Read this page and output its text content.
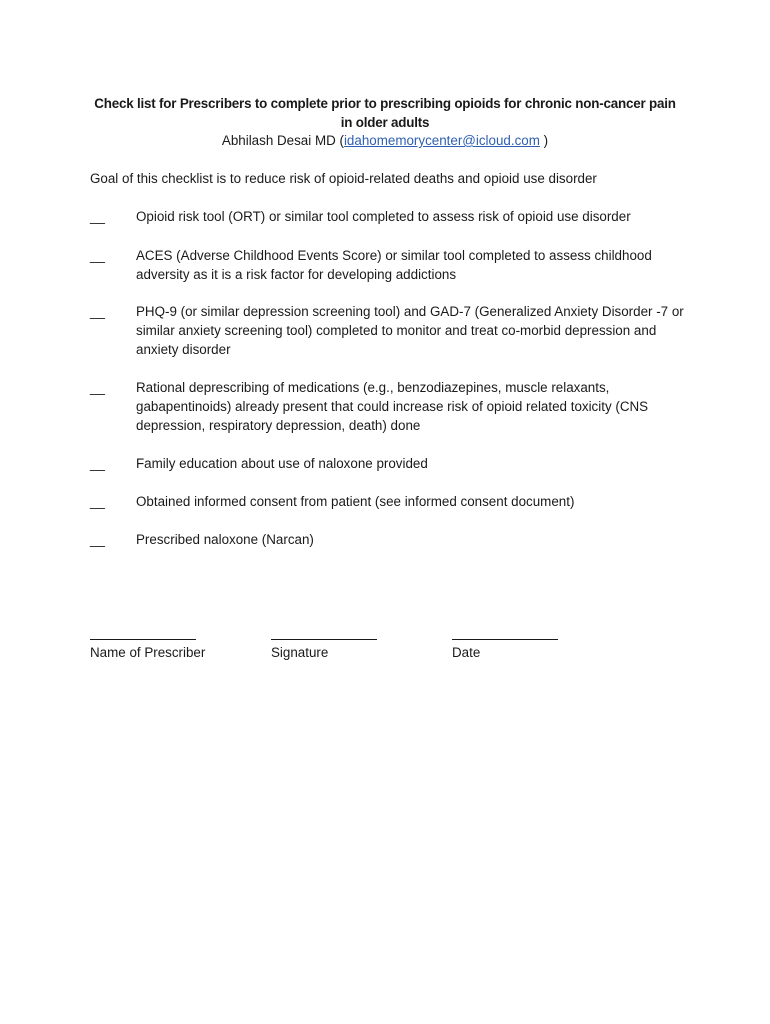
Check list for Prescribers to complete prior to prescribing opioids for chronic non-cancer pain
in older adults
Abhilash Desai MD (idahomemorycenter@icloud.com )
Goal of this checklist is to reduce risk of opioid-related deaths and opioid use disorder
__	Opioid risk tool (ORT) or similar tool completed to assess risk of opioid use disorder
__	ACES (Adverse Childhood Events Score) or similar tool completed to assess childhood adversity as it is a risk factor for developing addictions
__	PHQ-9 (or similar depression screening tool) and GAD-7 (Generalized Anxiety Disorder -7 or similar anxiety screening tool) completed to monitor and treat co-morbid depression and anxiety disorder
__	Rational deprescribing of medications (e.g., benzodiazepines, muscle relaxants, gabapentinoids) already present that could increase risk of opioid related toxicity (CNS depression, respiratory depression, death) done
__	Family education about use of naloxone provided
__	Obtained informed consent from patient (see informed consent document)
__	Prescribed naloxone (Narcan)
Name of Prescriber	Signature	Date
